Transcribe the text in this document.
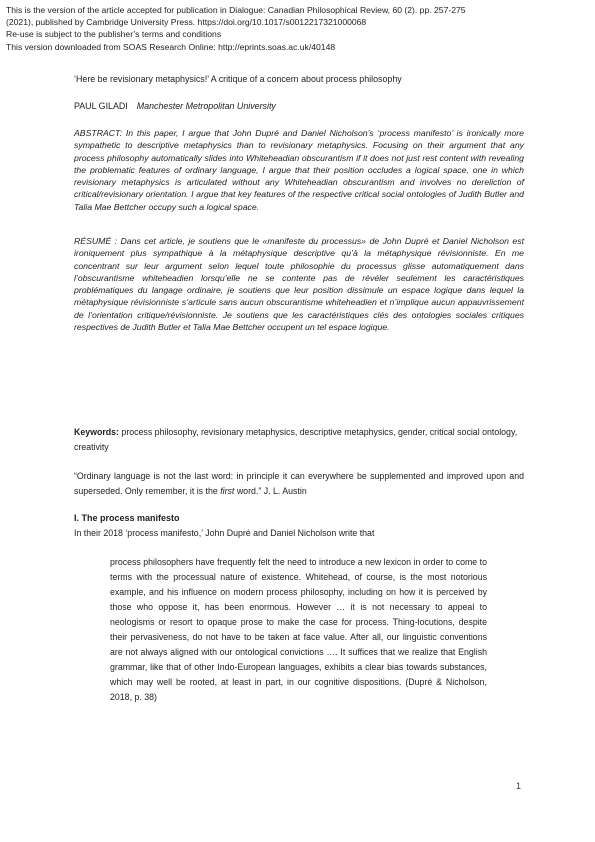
This is the version of the article accepted for publication in Dialogue: Canadian Philosophical Review, 60 (2). pp. 257-275
(2021), published by Cambridge University Press. https://doi.org/10.1017/s0012217321000068
Re-use is subject to the publisher’s terms and conditions
This version downloaded from SOAS Research Online: http://eprints.soas.ac.uk/40148
‘Here be revisionary metaphysics!’ A critique of a concern about process philosophy
PAUL GILADI Manchester Metropolitan University
ABSTRACT: In this paper, I argue that John Dupré and Daniel Nicholson’s ‘process manifesto’ is ironically more sympathetic to descriptive metaphysics than to revisionary metaphysics. Focusing on their argument that any process philosophy automatically slides into Whiteheadian obscurantism if it does not just rest content with revealing the problematic features of ordinary language, I argue that their position occludes a logical space, one in which revisionary metaphysics is articulated without any Whiteheadian obscurantism and involves no dereliction of critical/revisionary orientation. I argue that key features of the respective critical social ontologies of Judith Butler and Talia Mae Bettcher occupy such a logical space.
RÉSUMÉ : Dans cet article, je soutiens que le «manifeste du processus» de John Dupré et Daniel Nicholson est ironiquement plus sympathique à la métaphysique descriptive qu’à la métaphysique révisionniste. En me concentrant sur leur argument selon lequel toute philosophie du processus glisse automatiquement dans l’obscurantisme whiteheadien lorsqu’elle ne se contente pas de révéler seulement les caractéristiques problématiques du langage ordinaire, je soutiens que leur position dissimule un espace logique dans lequel la métaphysique révisionniste s’articule sans aucun obscurantisme whiteheadien et n’implique aucun appauvrissement de l’orientation critique/révisionniste. Je soutiens que les caractéristiques clés des ontologies sociales critiques respectives de Judith Butler et Talia Mae Bettcher occupent un tel espace logique.
Keywords: process philosophy, revisionary metaphysics, descriptive metaphysics, gender, critical social ontology, creativity
“Ordinary language is not the last word: in principle it can everywhere be supplemented and improved upon and superseded. Only remember, it is the first word.” J. L. Austin
I. The process manifesto
In their 2018 ‘process manifesto,’ John Dupré and Daniel Nicholson write that
process philosophers have frequently felt the need to introduce a new lexicon in order to come to terms with the processual nature of existence. Whitehead, of course, is the most notorious example, and his influence on modern process philosophy, including on how it is perceived by those who oppose it, has been enormous. However … it is not necessary to appeal to neologisms or resort to opaque prose to make the case for process. Thing-locutions, despite their pervasiveness, do not have to be taken at face value. After all, our linguistic conventions are not always aligned with our ontological convictions …. It suffices that we realize that English grammar, like that of other Indo-European languages, exhibits a clear bias towards substances, which may well be rooted, at least in part, in our cognitive dispositions. (Dupré & Nicholson, 2018, p. 38)
1
